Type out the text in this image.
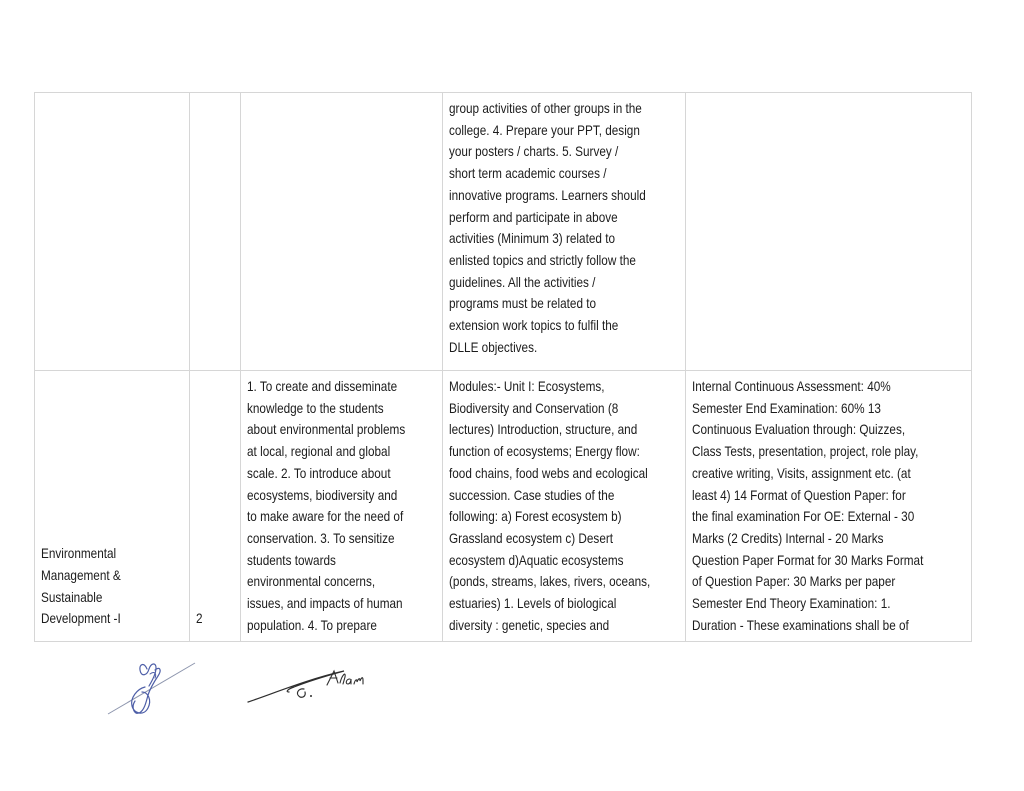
group activities of other groups in the
college. 4. Prepare your PPT, design
your posters / charts. 5. Survey /
short term academic courses /
innovative programs. Learners should
perform and participate in above
activities (Minimum 3) related to
enlisted topics and strictly follow the
guidelines. All the activities /
programs must be related to
extension work topics to fulfil the
DLLE objectives.
Environmental
Management &
Sustainable
Development -I	2
1. To create and disseminate
knowledge to the students
about environmental problems
at local, regional and global
scale. 2. To introduce about
ecosystems, biodiversity and
to make aware for the need of
conservation. 3. To sensitize
students towards
environmental concerns,
issues, and impacts of human
population. 4. To prepare
Modules:- Unit I: Ecosystems,
Biodiversity and Conservation (8
lectures) Introduction, structure, and
function of ecosystems; Energy flow:
food chains, food webs and ecological
succession. Case studies of the
following: a) Forest ecosystem b)
Grassland ecosystem c) Desert
ecosystem d)Aquatic ecosystems
(ponds, streams, lakes, rivers, oceans,
estuaries) 1. Levels of biological
diversity : genetic, species and
Internal Continuous Assessment: 40%
Semester End Examination: 60% 13
Continuous Evaluation through: Quizzes,
Class Tests, presentation, project, role play,
creative writing, Visits, assignment etc. (at
least 4) 14 Format of Question Paper: for
the final examination For OE: External - 30
Marks (2 Credits) Internal - 20 Marks
Question Paper Format for 30 Marks Format
of Question Paper: 30 Marks per paper
Semester End Theory Examination: 1.
Duration - These examinations shall be of
